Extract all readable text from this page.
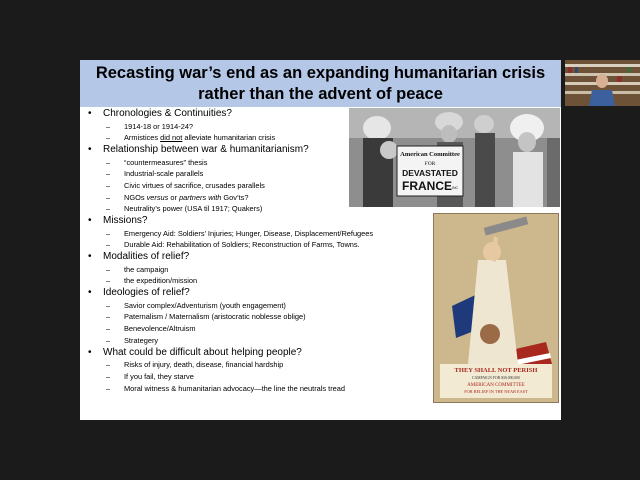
Recasting war’s end as an expanding humanitarian crisis
rather than the advent of peace
• Chronologies & Continuities?
– 1914-18 or 1914-24?
– Armistices did not alleviate humanitarian crisis
• Relationship between war & humanitarianism?
– “countermeasures” thesis
– Industrial-scale parallels
– Civic virtues of sacrifice, crusades parallels
– NGOs versus or partners with Gov’ts?
– Neutrality’s power (USA til 1917; Quakers)
• Missions?
– Emergency Aid: Soldiers’ Injuries; Hunger, Disease, Displacement/Refugees
– Durable Aid: Rehabilitation of Soldiers; Reconstruction of Farms, Towns.
• Modalities of relief?
– the campaign
– the expedition/mission
• Ideologies of relief?
– Savior complex/Adventurism (youth engagement)
– Paternalism / Maternalism (aristocratic noblesse oblige)
– Benevolence/Altruism
– Strategery
• What could be difficult about helping people?
– Risks of injury, death, disease, financial hardship
– If you fail, they starve
– Moral witness & humanitarian advocacy—the line the neutrals tread
American Committee
FOR
DEVASTATED
FRANCE INC
THEY SHALL NOT PERISH
CAMPAIGN FOR $30,000,000
AMERICAN COMMITTEE
FOR RELIEF IN THE NEAR EAST
